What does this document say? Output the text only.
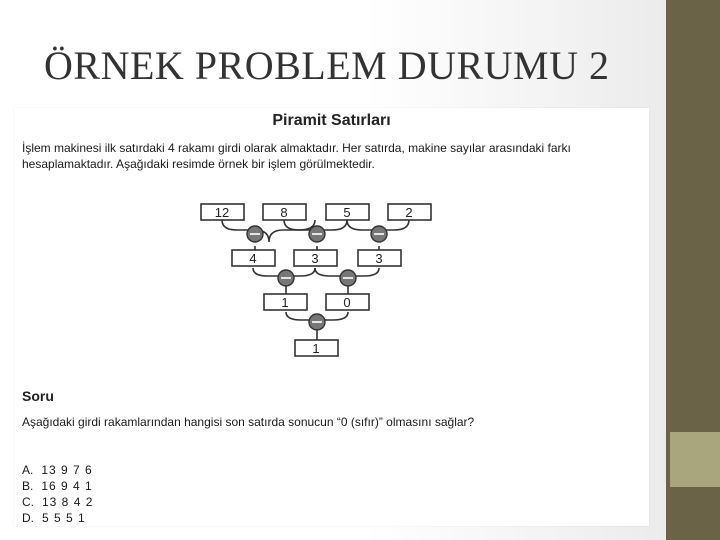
ÖRNEK PROBLEM DURUMU 2
Piramit Satırları

İşlem makinesi ilk satırdaki 4 rakamı girdi olarak almaktadır. Her satırda, makine sayılar arasındaki farkı hesaplamaktadır. Aşağıdaki resimde örnek bir işlem görülmektedir.

12	8	5	2
4	3	3
1	0
1
Soru

Aşağıdaki girdi rakamlarından hangisi son satırda sonucun “0 (sıfır)” olmasını sağlar?

A. 13 9 7 6
B. 16 9 4 1
C. 13 8 4 2
D. 5 5 5 1
